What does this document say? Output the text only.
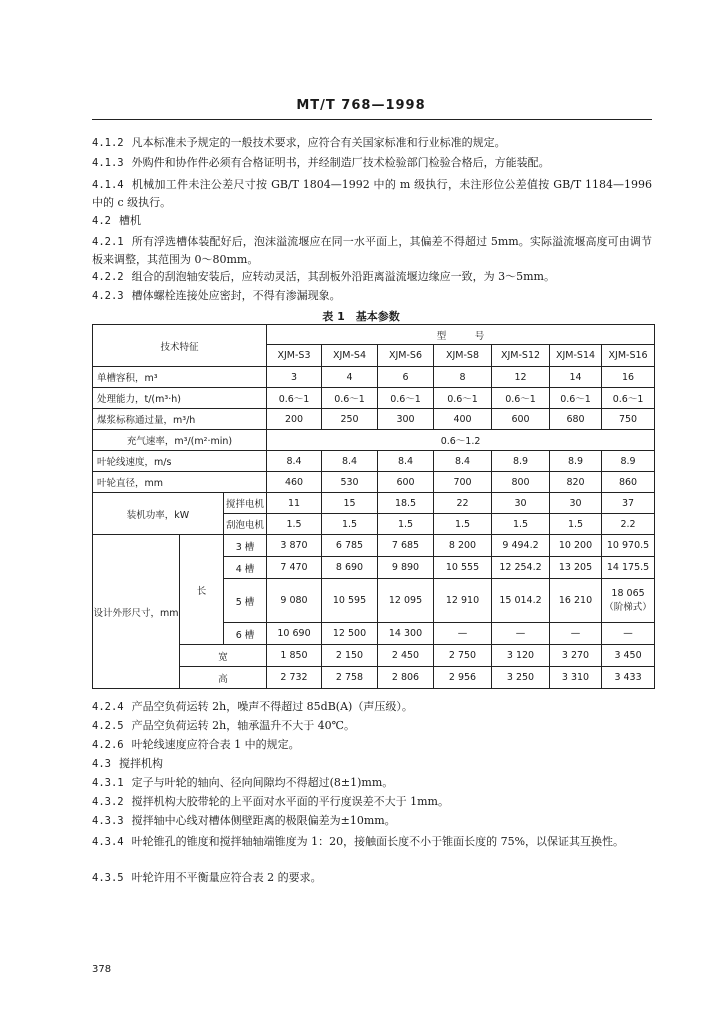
MT/T 768—1998
4.1.2 凡本标准未予规定的一般技术要求，应符合有关国家标准和行业标准的规定。
4.1.3 外购件和协作件必须有合格证明书，并经制造厂技术检验部门检验合格后，方能装配。
4.1.4 机械加工件未注公差尺寸按 GB/T 1804—1992 中的 m 级执行，未注形位公差值按 GB/T 1184—1996中的 c 级执行。
4.2 槽机
4.2.1 所有浮选槽体装配好后，泡沫溢流堰应在同一水平面上，其偏差不得超过 5mm。实际溢流堰高度可由调节板来调整，其范围为 0～80mm。
4.2.2 组合的刮泡轴安装后，应转动灵活，其刮板外沿距离溢流堰边缘应一致，为 3～5mm。
4.2.3 槽体螺栓连接处应密封，不得有渗漏现象。
表 1　基本参数
技术特征			型　　　号						
			XJM-S3	XJM-S4	XJM-S6	XJM-S8	XJM-S12	XJM-S14	XJM-S16
单槽容积，m³			3	4	6	8	12	14	16
处理能力，t/(m³·h)			0.6～1	0.6～1	0.6～1	0.6～1	0.6～1	0.6～1	0.6～1
煤浆标称通过量，m³/h			200	250	300	400	600	680	750
充气速率，m³/(m²·min)			0.6～1.2						
叶轮线速度，m/s			8.4	8.4	8.4	8.4	8.9	8.9	8.9
叶轮直径，mm			460	530	600	700	800	820	860
装机功率，kW		搅拌电机	11	15	18.5	22	30	30	37
		刮泡电机	1.5	1.5	1.5	1.5	1.5	1.5	2.2
设计外形尺寸，mm	长	3 槽	3 870	6 785	7 685	8 200	9 494.2	10 200	10 970.5
		4 槽	7 470	8 690	9 890	10 555	12 254.2	13 205	14 175.5
		5 槽	9 080	10 595	12 095	12 910	15 014.2	16 210	18 065
（阶梯式）

		6 槽	10 690	12 500	14 300	—	—	—	—
	宽		1 850	2 150	2 450	2 750	3 120	3 270	3 450
	高		2 732	2 758	2 806	2 956	3 250	3 310	3 433
4.2.4 产品空负荷运转 2h，噪声不得超过 85dB(A)（声压级）。
4.2.5 产品空负荷运转 2h，轴承温升不大于 40℃。
4.2.6 叶轮线速度应符合表 1 中的规定。
4.3 搅拌机构
4.3.1 定子与叶轮的轴向、径向间隙均不得超过(8±1)mm。
4.3.2 搅拌机构大胶带轮的上平面对水平面的平行度误差不大于 1mm。
4.3.3 搅拌轴中心线对槽体侧壁距离的极限偏差为±10mm。
4.3.4 叶轮锥孔的锥度和搅拌轴轴端锥度为 1：20，接触面长度不小于锥面长度的 75%，以保证其互换性。
4.3.5 叶轮许用不平衡量应符合表 2 的要求。
378
